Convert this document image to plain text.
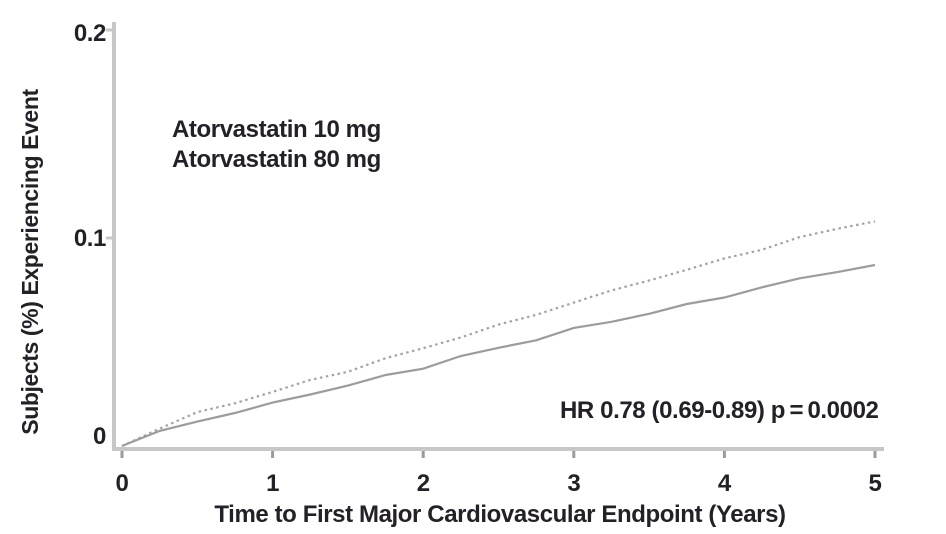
0
0.1
0.2
Subjects (%) Experiencing Event
0	1	2	3	4	5
Time to First Major Cardiovascular Endpoint (Years)
Atorvastatin 10 mg
Atorvastatin 80 mg
HR 0.78 (0.69-0.89) p = 0.0002
